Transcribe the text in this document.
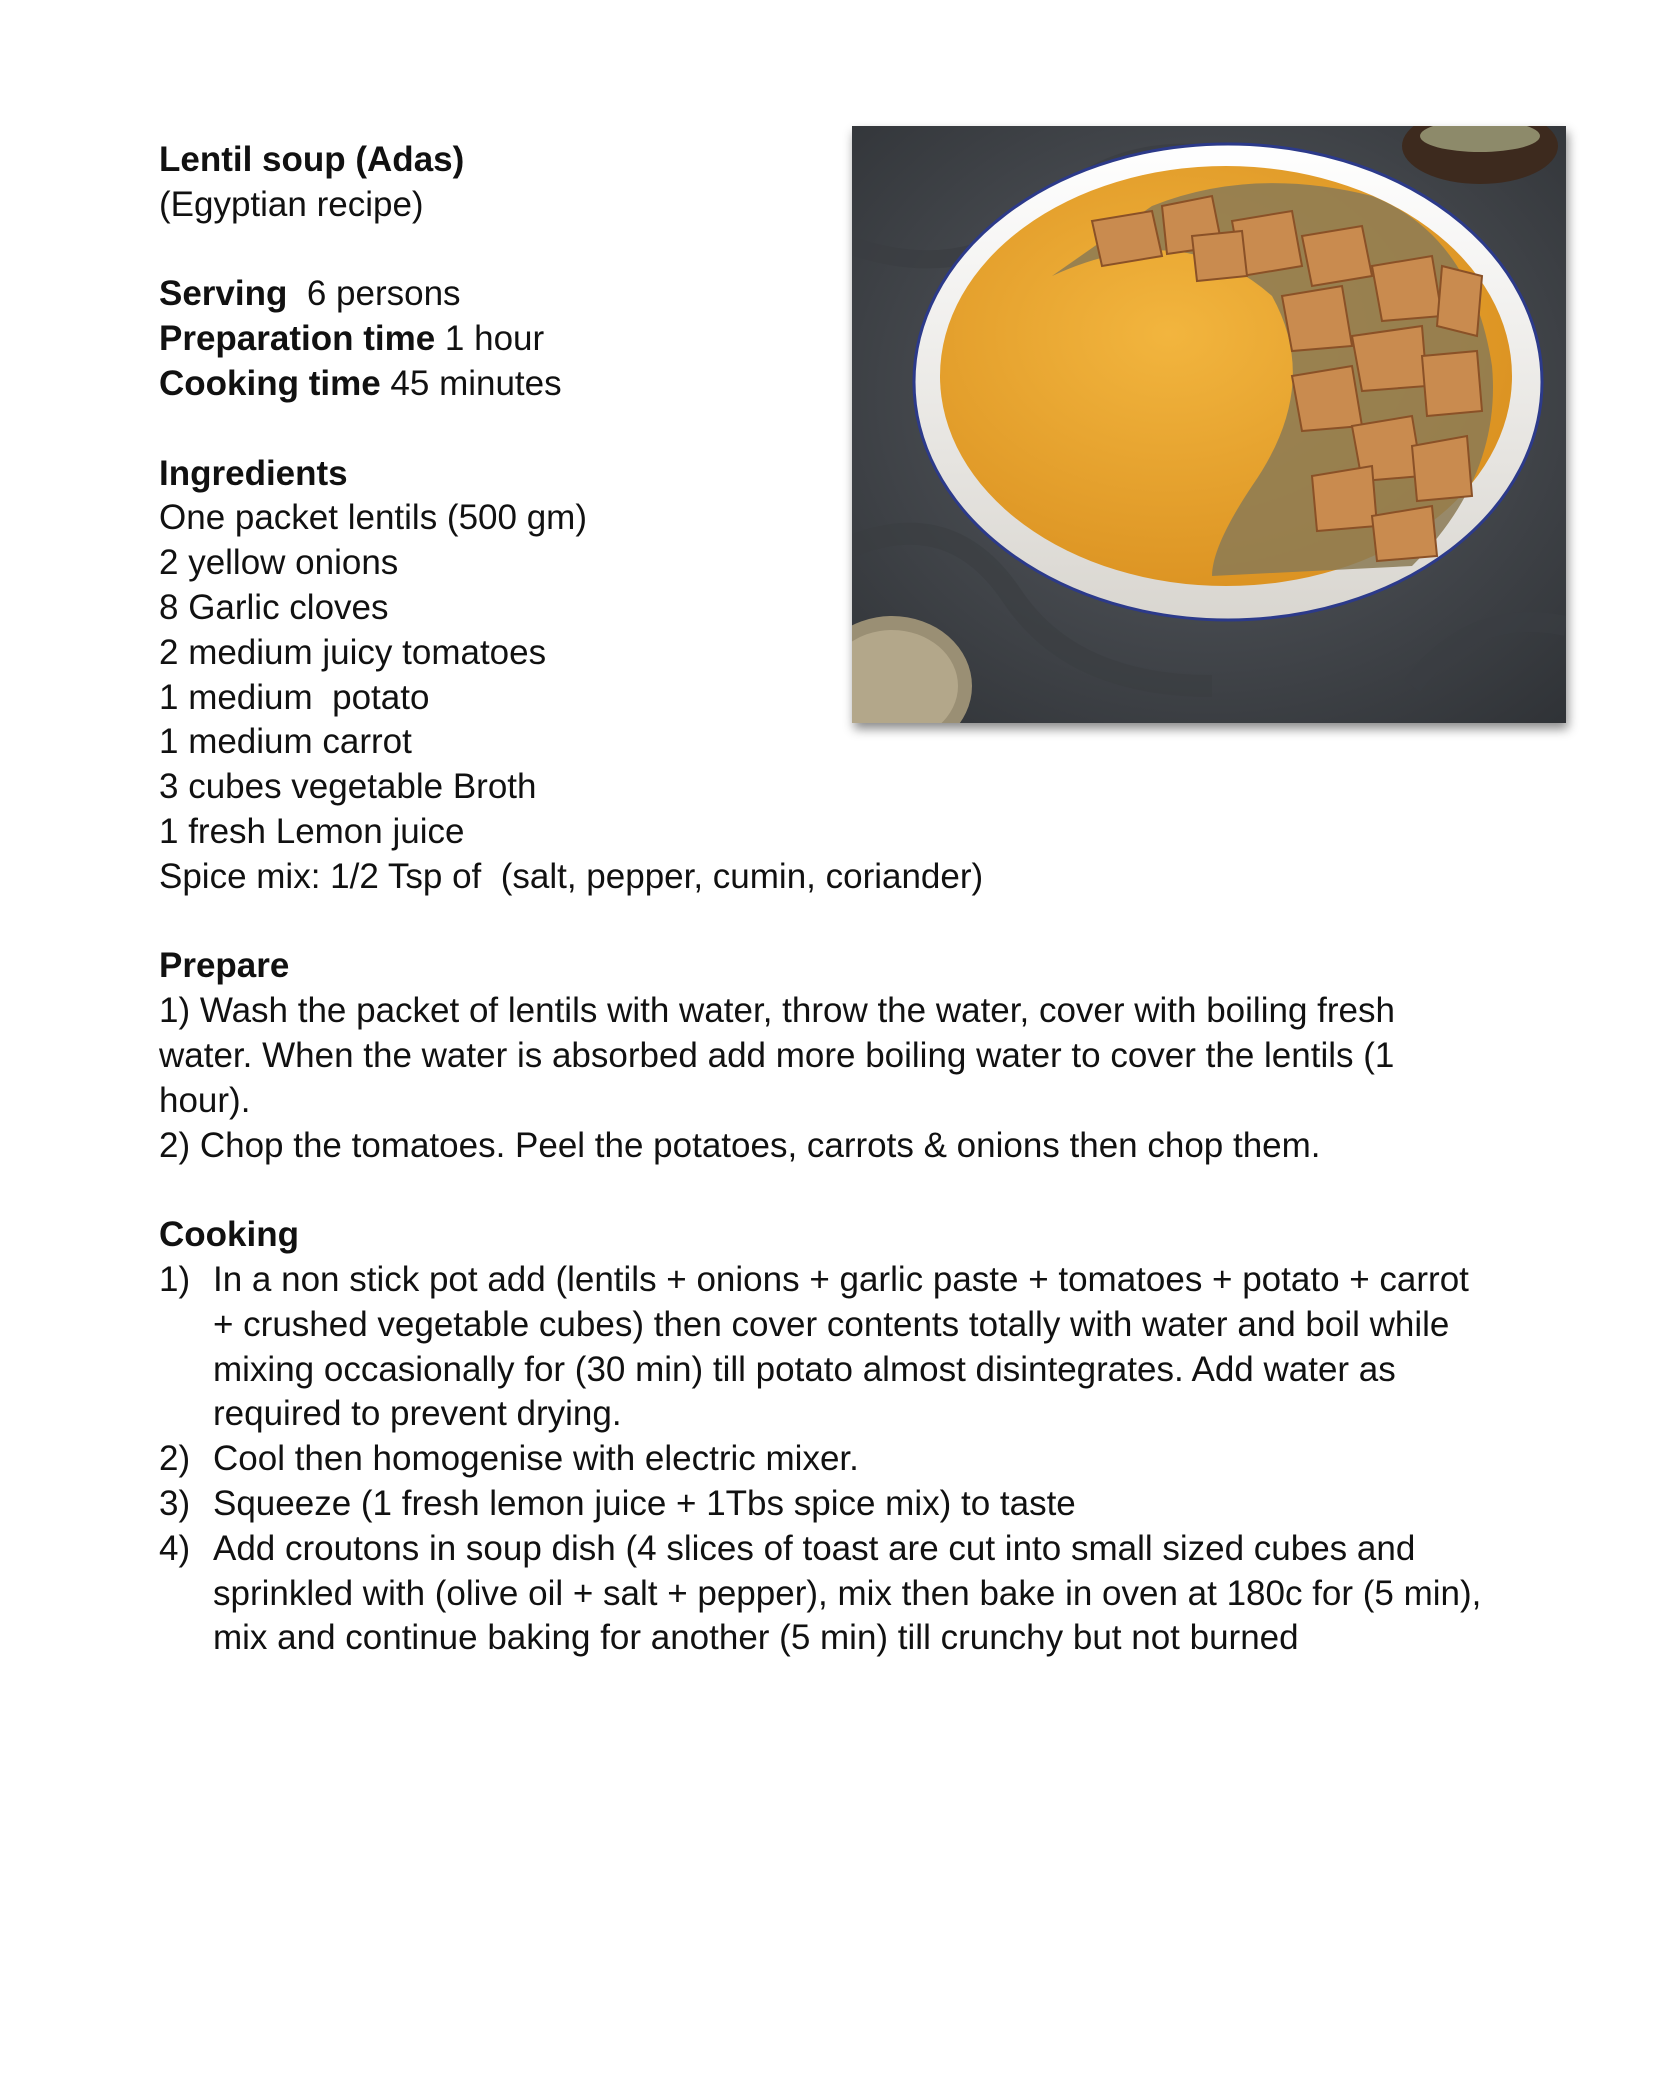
Lentil soup (Adas)
(Egyptian recipe)
Serving  6 persons
Preparation time 1 hour
Cooking time 45 minutes
Ingredients
One packet lentils (500 gm)
2 yellow onions
8 Garlic cloves
2 medium juicy tomatoes
1 medium  potato
1 medium carrot
3 cubes vegetable Broth
1 fresh Lemon juice
Spice mix: 1/2 Tsp of  (salt, pepper, cumin, coriander)
Prepare
1) Wash the packet of lentils with water, throw the water, cover with boiling fresh water. When the water is absorbed add more boiling water to cover the lentils (1 hour).
2) Chop the tomatoes. Peel the potatoes, carrots & onions then chop them.
Cooking
1) In a non stick pot add (lentils + onions + garlic paste + tomatoes + potato + carrot + crushed vegetable cubes) then cover contents totally with water and boil while mixing occasionally for (30 min) till potato almost disintegrates. Add water as required to prevent drying.
2) Cool then homogenise with electric mixer.
3) Squeeze (1 fresh lemon juice + 1Tbs spice mix) to taste
4) Add croutons in soup dish (4 slices of toast are cut into small sized cubes and sprinkled with (olive oil + salt + pepper), mix then bake in oven at 180c for (5 min), mix and continue baking for another (5 min) till crunchy but not burned
